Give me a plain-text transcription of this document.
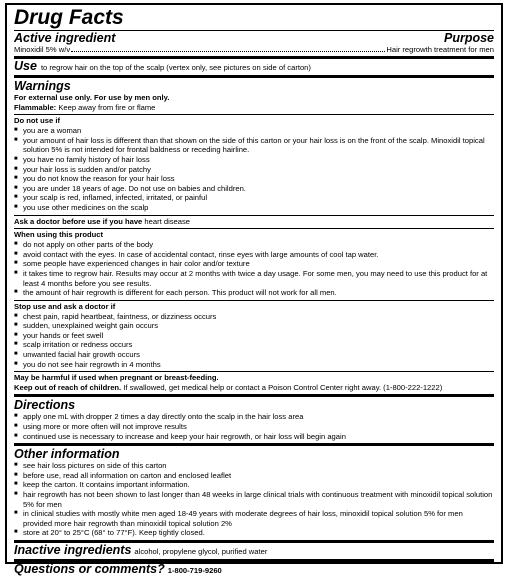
Drug Facts
Active ingredient	Purpose
Minoxidil 5% w/v	Hair regrowth treatment for men
Use to regrow hair on the top of the scalp (vertex only, see pictures on side of carton)
Warnings
For external use only. For use by men only.
Flammable: Keep away from fire or flame
Do not use if
■ you are a woman
■ your amount of hair loss is different than that shown on the side of this carton or your hair loss is on the front of the scalp. Minoxidil topical solution 5% is not intended for frontal baldness or receding hairline.
■ you have no family history of hair loss
■ your hair loss is sudden and/or patchy
■ you do not know the reason for your hair loss
■ you are under 18 years of age. Do not use on babies and children.
■ your scalp is red, inflamed, infected, irritated, or painful
■ you use other medicines on the scalp
Ask a doctor before use if you have heart disease
When using this product
■ do not apply on other parts of the body
■ avoid contact with the eyes. In case of accidental contact, rinse eyes with large amounts of cool tap water.
■ some people have experienced changes in hair color and/or texture
■ it takes time to regrow hair. Results may occur at 2 months with twice a day usage. For some men, you may need to use this product for at least 4 months before you see results.
■ the amount of hair regrowth is different for each person. This product will not work for all men.
Stop use and ask a doctor if
■ chest pain, rapid heartbeat, faintness, or dizziness occurs
■ sudden, unexplained weight gain occurs
■ your hands or feet swell
■ scalp irritation or redness occurs
■ unwanted facial hair growth occurs
■ you do not see hair regrowth in 4 months
May be harmful if used when pregnant or breast-feeding.
Keep out of reach of children. If swallowed, get medical help or contact a Poison Control Center right away. (1-800-222-1222)
Directions
■ apply one mL with dropper 2 times a day directly onto the scalp in the hair loss area
■ using more or more often will not improve results
■ continued use is necessary to increase and keep your hair regrowth, or hair loss will begin again
Other information
■ see hair loss pictures on side of this carton
■ before use, read all information on carton and enclosed leaflet
■ keep the carton. It contains important information.
■ hair regrowth has not been shown to last longer than 48 weeks in large clinical trials with continuous treatment with minoxidil topical solution 5% for men
■ in clinical studies with mostly white men aged 18-49 years with moderate degrees of hair loss, minoxidil topical solution 5% for men provided more hair regrowth than minoxidil topical solution 2%
■ store at 20° to 25°C (68° to 77°F). Keep tightly closed.
Inactive ingredients alcohol, propylene glycol, purified water
Questions or comments? 1-800-719-9260
